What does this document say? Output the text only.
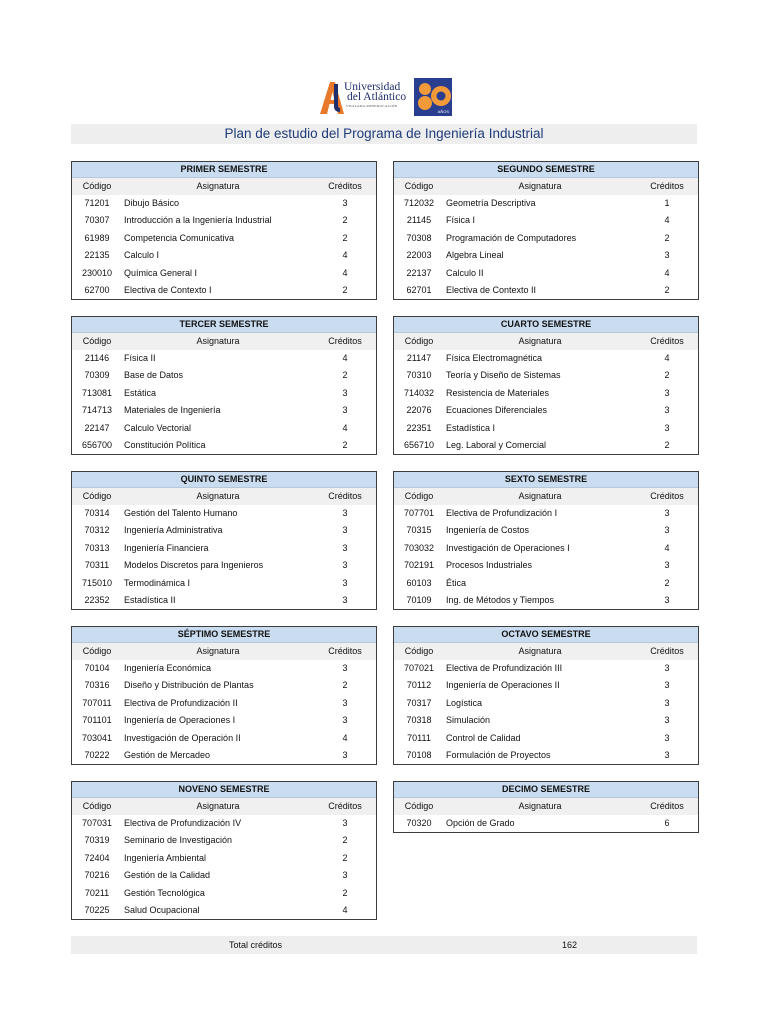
Universidad
del Atlántico
VIGILADA MINEDUCACIÓN
AÑOS
Plan de estudio del Programa de Ingeniería Industrial
PRIMER SEMESTRE
Código	Asignatura	Créditos
71201	Dibujo Básico	3
70307	Introducción a la Ingeniería Industrial	2
61989	Competencia Comunicativa	2
22135	Calculo I	4
230010	Química General I	4
62700	Electiva de Contexto I	2
SEGUNDO SEMESTRE
Código	Asignatura	Créditos
712032	Geometría Descriptiva	1
21145	Física I	4
70308	Programación de Computadores	2
22003	Algebra Lineal	3
22137	Calculo II	4
62701	Electiva de Contexto II	2
TERCER SEMESTRE
Código	Asignatura	Créditos
21146	Física II	4
70309	Base de Datos	2
713081	Estática	3
714713	Materiales de Ingeniería	3
22147	Calculo Vectorial	4
656700	Constitución Política	2
CUARTO SEMESTRE
Código	Asignatura	Créditos
21147	Física Electromagnética	4
70310	Teoría y Diseño de Sistemas	2
714032	Resistencia de Materiales	3
22076	Ecuaciones Diferenciales	3
22351	Estadística I	3
656710	Leg. Laboral y Comercial	2
QUINTO SEMESTRE
Código	Asignatura	Créditos
70314	Gestión del Talento Humano	3
70312	Ingeniería Administrativa	3
70313	Ingeniería Financiera	3
70311	Modelos Discretos para Ingenieros	3
715010	Termodinámica I	3
22352	Estadística II	3
SEXTO SEMESTRE
Código	Asignatura	Créditos
707701	Electiva de Profundización I	3
70315	Ingeniería de Costos	3
703032	Investigación de Operaciones I	4
702191	Procesos Industriales	3
60103	Ética	2
70109	Ing. de Métodos y Tiempos	3
SÉPTIMO SEMESTRE
Código	Asignatura	Créditos
70104	Ingeniería Económica	3
70316	Diseño y Distribución de Plantas	2
707011	Electiva de Profundización II	3
701101	Ingeniería de Operaciones I	3
703041	Investigación de Operación II	4
70222	Gestión de Mercadeo	3
OCTAVO SEMESTRE
Código	Asignatura	Créditos
707021	Electiva de Profundización III	3
70112	Ingeniería de Operaciones II	3
70317	Logística	3
70318	Simulación	3
70111	Control de Calidad	3
70108	Formulación de Proyectos	3
NOVENO SEMESTRE
Código	Asignatura	Créditos
707031	Electiva de Profundización IV	3
70319	Seminario de Investigación	2
72404	Ingeniería Ambiental	2
70216	Gestión de la Calidad	3
70211	Gestión Tecnológica	2
70225	Salud Ocupacional	4
DECIMO SEMESTRE
Código	Asignatura	Créditos
70320	Opción de Grado	6
Total créditos	162
